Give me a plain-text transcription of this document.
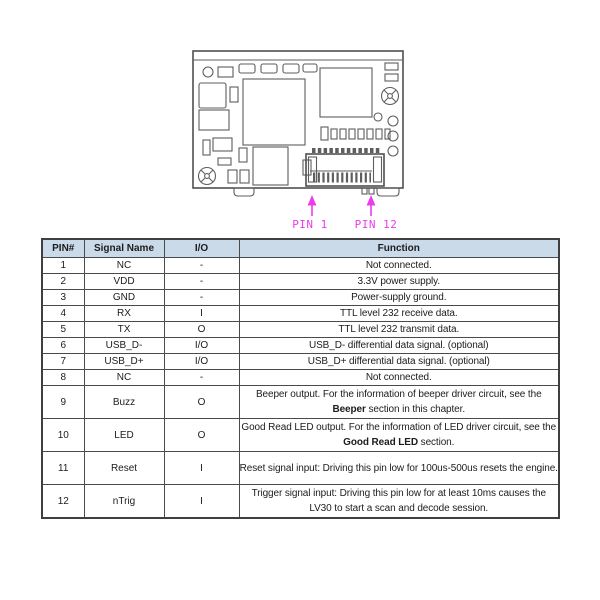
PIN 1 PIN 12
PIN#	Signal Name	I/O	Function
1	NC	-	Not connected.
2	VDD	-	3.3V power supply.
3	GND	-	Power-supply ground.
4	RX	I	TTL level 232 receive data.
5	TX	O	TTL level 232 transmit data.
6	USB_D-	I/O	USB_D- differential data signal. (optional)
7	USB_D+	I/O	USB_D+ differential data signal. (optional)
8	NC	-	Not connected.
9	Buzz	O	Beeper output. For the information of beeper driver circuit, see the Beeper section in this chapter.
10	LED	O	Good Read LED output. For the information of LED driver circuit, see the Good Read LED section.
11	Reset	I	Reset signal input: Driving this pin low for 100us-500us resets the engine.
12	nTrig	I	Trigger signal input: Driving this pin low for at least 10ms causes the LV30 to start a scan and decode session.
